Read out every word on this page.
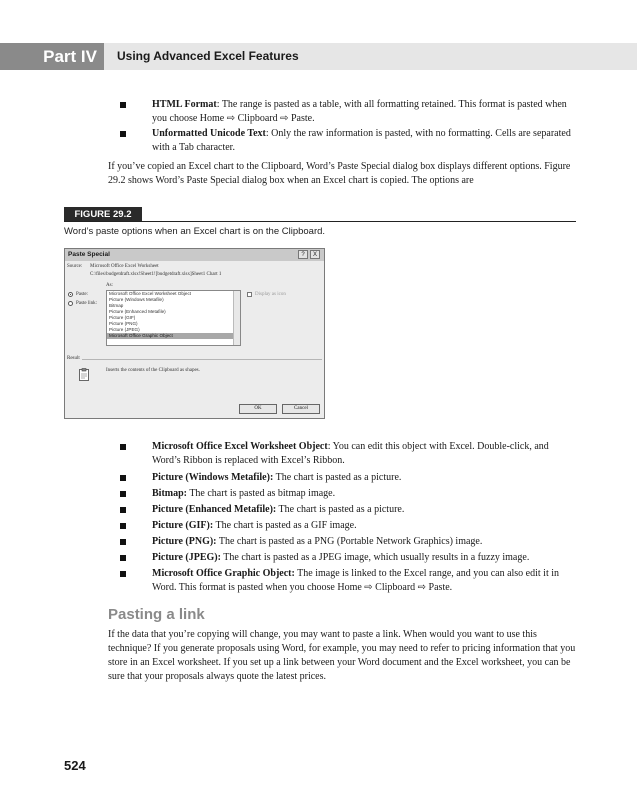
Part IV	Using Advanced Excel Features
HTML Format: The range is pasted as a table, with all formatting retained. This format is pasted when you choose Home ⇨ Clipboard ⇨ Paste.
Unformatted Unicode Text: Only the raw information is pasted, with no formatting. Cells are separated with a Tab character.
If you’ve copied an Excel chart to the Clipboard, Word’s Paste Special dialog box displays different options. Figure 29.2 shows Word’s Paste Special dialog box when an Excel chart is copied. The options are
FIGURE 29.2
Word’s paste options when an Excel chart is on the Clipboard.
Paste Special	?	X
Source: Microsoft Office Excel Worksheet
C:\files\budgetdraft.xlsx!Sheet1![budgetdraft.xlsx]Sheet1 Chart 1
As:
Paste:
Paste link:
Microsoft Office Excel Worksheet Object
Picture (Windows Metafile)
Bitmap
Picture (Enhanced Metafile)
Picture (GIF)
Picture (PNG)
Picture (JPEG)
Microsoft Office Graphic Object
Display as icon
Result
Inserts the contents of the Clipboard as shapes.
OK	Cancel
Microsoft Office Excel Worksheet Object: You can edit this object with Excel. Double-click, and Word’s Ribbon is replaced with Excel’s Ribbon.
Picture (Windows Metafile): The chart is pasted as a picture.
Bitmap: The chart is pasted as bitmap image.
Picture (Enhanced Metafile): The chart is pasted as a picture.
Picture (GIF): The chart is pasted as a GIF image.
Picture (PNG): The chart is pasted as a PNG (Portable Network Graphics) image.
Picture (JPEG): The chart is pasted as a JPEG image, which usually results in a fuzzy image.
Microsoft Office Graphic Object: The image is linked to the Excel range, and you can also edit it in Word. This format is pasted when you choose Home ⇨ Clipboard ⇨ Paste.
Pasting a link
If the data that you’re copying will change, you may want to paste a link. When would you want to use this technique? If you generate proposals using Word, for example, you may need to refer to pricing information that you store in an Excel worksheet. If you set up a link between your Word document and the Excel worksheet, you can be sure that your proposals always quote the latest prices.
524
